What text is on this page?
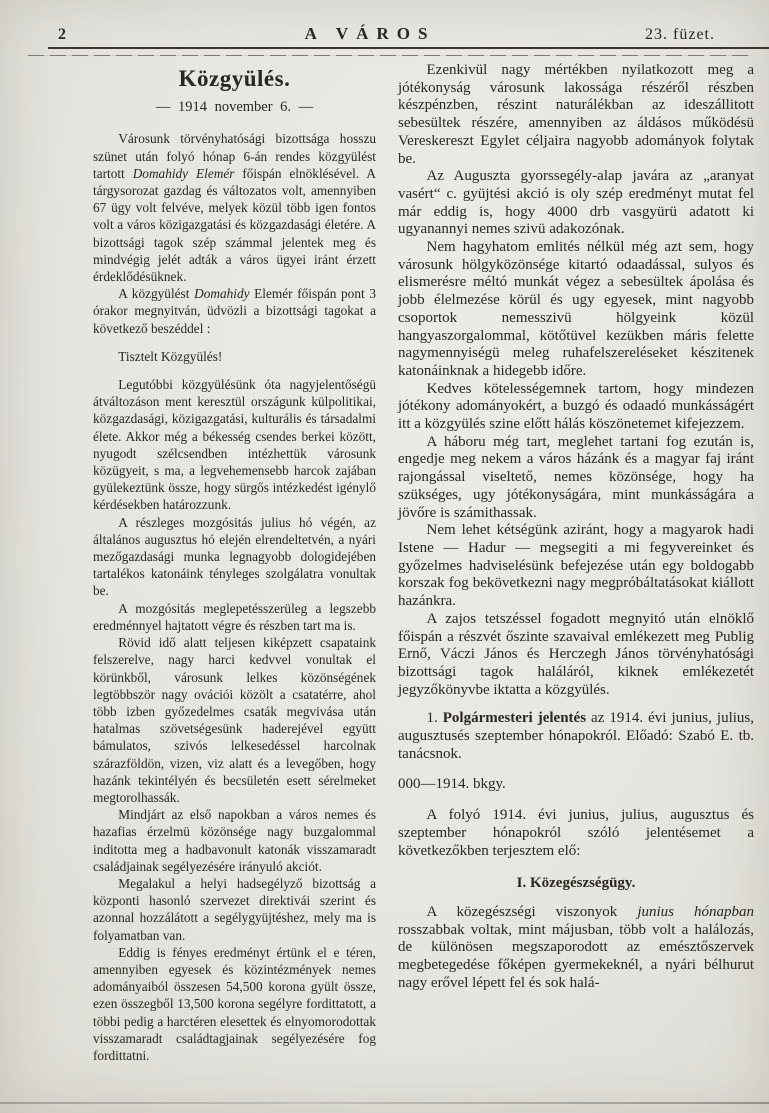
2	A VÁROS	23. füzet.
Közgyülés.
— 1914 november 6. —

Városunk törvényhatósági bizottsága hosszu szünet után folyó hónap 6-án rendes közgyülést tartott Domahidy Elemér főispán elnöklésével. A tárgysorozat gazdag és változatos volt, amennyiben 67 ügy volt felvéve, melyek közül több igen fontos volt a város közigazgatási és közgazdasági életére. A bizottsági tagok szép számmal jelentek meg és mindvégig jelét adták a város ügyei iránt érzett érdeklődésüknek.

A közgyülést Domahidy Elemér főispán pont 3 órakor megnyitván, üdvözli a bizottsági tagokat a következő beszéddel :

Tisztelt Közgyülés!

Legutóbbi közgyülésünk óta nagyjelentőségü átváltozáson ment keresztül országunk külpolitikai, közgazdasági, közigazgatási, kulturális és társadalmi élete. Akkor még a békesség csendes berkei között, nyugodt szélcsendben intézhettük városunk közügyeit, s ma, a legvehemensebb harcok zajában gyülekeztünk össze, hogy sürgős intézkedést igénylő kérdésekben határozzunk.

A részleges mozgósitás julius hó végén, az általános augusztus hó elején elrendeltetvén, a nyári mezőgazdasági munka legnagyobb dologidejében tartalékos katonáink tényleges szolgálatra vonultak be.

A mozgósitás meglepetésszerüleg a legszebb eredménnyel hajtatott végre és részben tart ma is.

Rövid idő alatt teljesen kiképzett csapataink felszerelve, nagy harci kedvvel vonultak el körünkből, városunk lelkes közönségének legtöbbször nagy ovációi közölt a csatatérre, ahol több izben győzedelmes csaták megvivása után hatalmas szövetségesünk haderejével együtt bámulatos, szivós lelkesedéssel harcolnak szárazföldön, vizen, viz alatt és a levegőben, hogy hazánk tekintélyén és becsületén esett sérelmeket megtorolhassák.

Mindjárt az első napokban a város nemes és hazafias érzelmü közönsége nagy buzgalommal inditotta meg a hadbavonult katonák visszamaradt családjainak segélyezésére irányuló akciót.

Megalakul a helyi hadsegélyző bizottság a központi hasonló szervezet direktivái szerint és azonnal hozzálátott a segélygyüjtéshez, mely ma is folyamatban van.

Eddig is fényes eredményt értünk el e téren, amennyiben egyesek és közintézmények nemes adományaiból összesen 54,500 korona gyült össze, ezen összegből 13,500 korona segélyre fordittatott, a többi pedig a harctéren elesettek és elnyomorodottak visszamaradt családtagjainak segélyezésére fog fordittatni.

Ezenkivül nagy mértékben nyilatkozott meg a jótékonyság városunk lakossága részéről részben készpénzben, részint naturálékban az ideszállitott sebesültek részére, amennyiben az áldásos működésü Vereskereszt Egylet céljaira nagyobb adományok folytak be.

Az Auguszta gyorssegély-alap javára az „aranyat vasért“ c. gyüjtési akció is oly szép eredményt mutat fel már eddig is, hogy 4000 drb vasgyürü adatott ki ugyanannyi nemes szivü adakozónak.

Nem hagyhatom emlités nélkül még azt sem, hogy városunk hölgyközönsége kitartó odaadással, sulyos és elismerésre méltó munkát végez a sebesültek ápolása és jobb élelmezése körül és ugy egyesek, mint nagyobb csoportok nemesszivü hölgyeink közül hangyaszorgalommal, kötőtüvel kezükben máris felette nagymennyiségü meleg ruhafelszereléseket készitenek katonáinknak a hidegebb időre.

Kedves kötelességemnek tartom, hogy mindezen jótékony adományokért, a buzgó és odaadó munkásságért itt a közgyülés szine előtt hálás köszönetemet kifejezzem.

A háboru még tart, meglehet tartani fog ezután is, engedje meg nekem a város házánk és a magyar faj iránt rajongással viseltető, nemes közönsége, hogy ha szükséges, ugy jótékonyságára, mint munkásságára a jövőre is számithassak.

Nem lehet kétségünk aziránt, hogy a magyarok hadi Istene — Hadur — megsegiti a mi fegyvereinket és győzelmes hadviselésünk befejezése után egy boldogabb korszak fog bekövetkezni nagy megpróbáltatásokat kiállott hazánkra.

A zajos tetszéssel fogadott megnyitó után elnöklő főispán a részvét őszinte szavaival emlékezett meg Publig Ernő, Váczi János és Herczegh János törvényhatósági bizottsági tagok haláláról, kiknek emlékezetét jegyzőkönyvbe iktatta a közgyülés.

1. Polgármesteri jelentés az 1914. évi junius, julius, augusztusés szeptember hónapokról. Előadó: Szabó E. tb. tanácsnok.

000—1914. bkgy.

A folyó 1914. évi junius, julius, augusztus és szeptember hónapokról szóló jelentésemet a következőkben terjesztem elő:

I. Közegészségügy.

A közegészségi viszonyok junius hónapban rosszabbak voltak, mint májusban, több volt a halálozás, de különösen megszaporodott az emésztőszervek megbetegedése főképen gyermekeknél, a nyári bélhurut nagy erővel lépett fel és sok halá-
